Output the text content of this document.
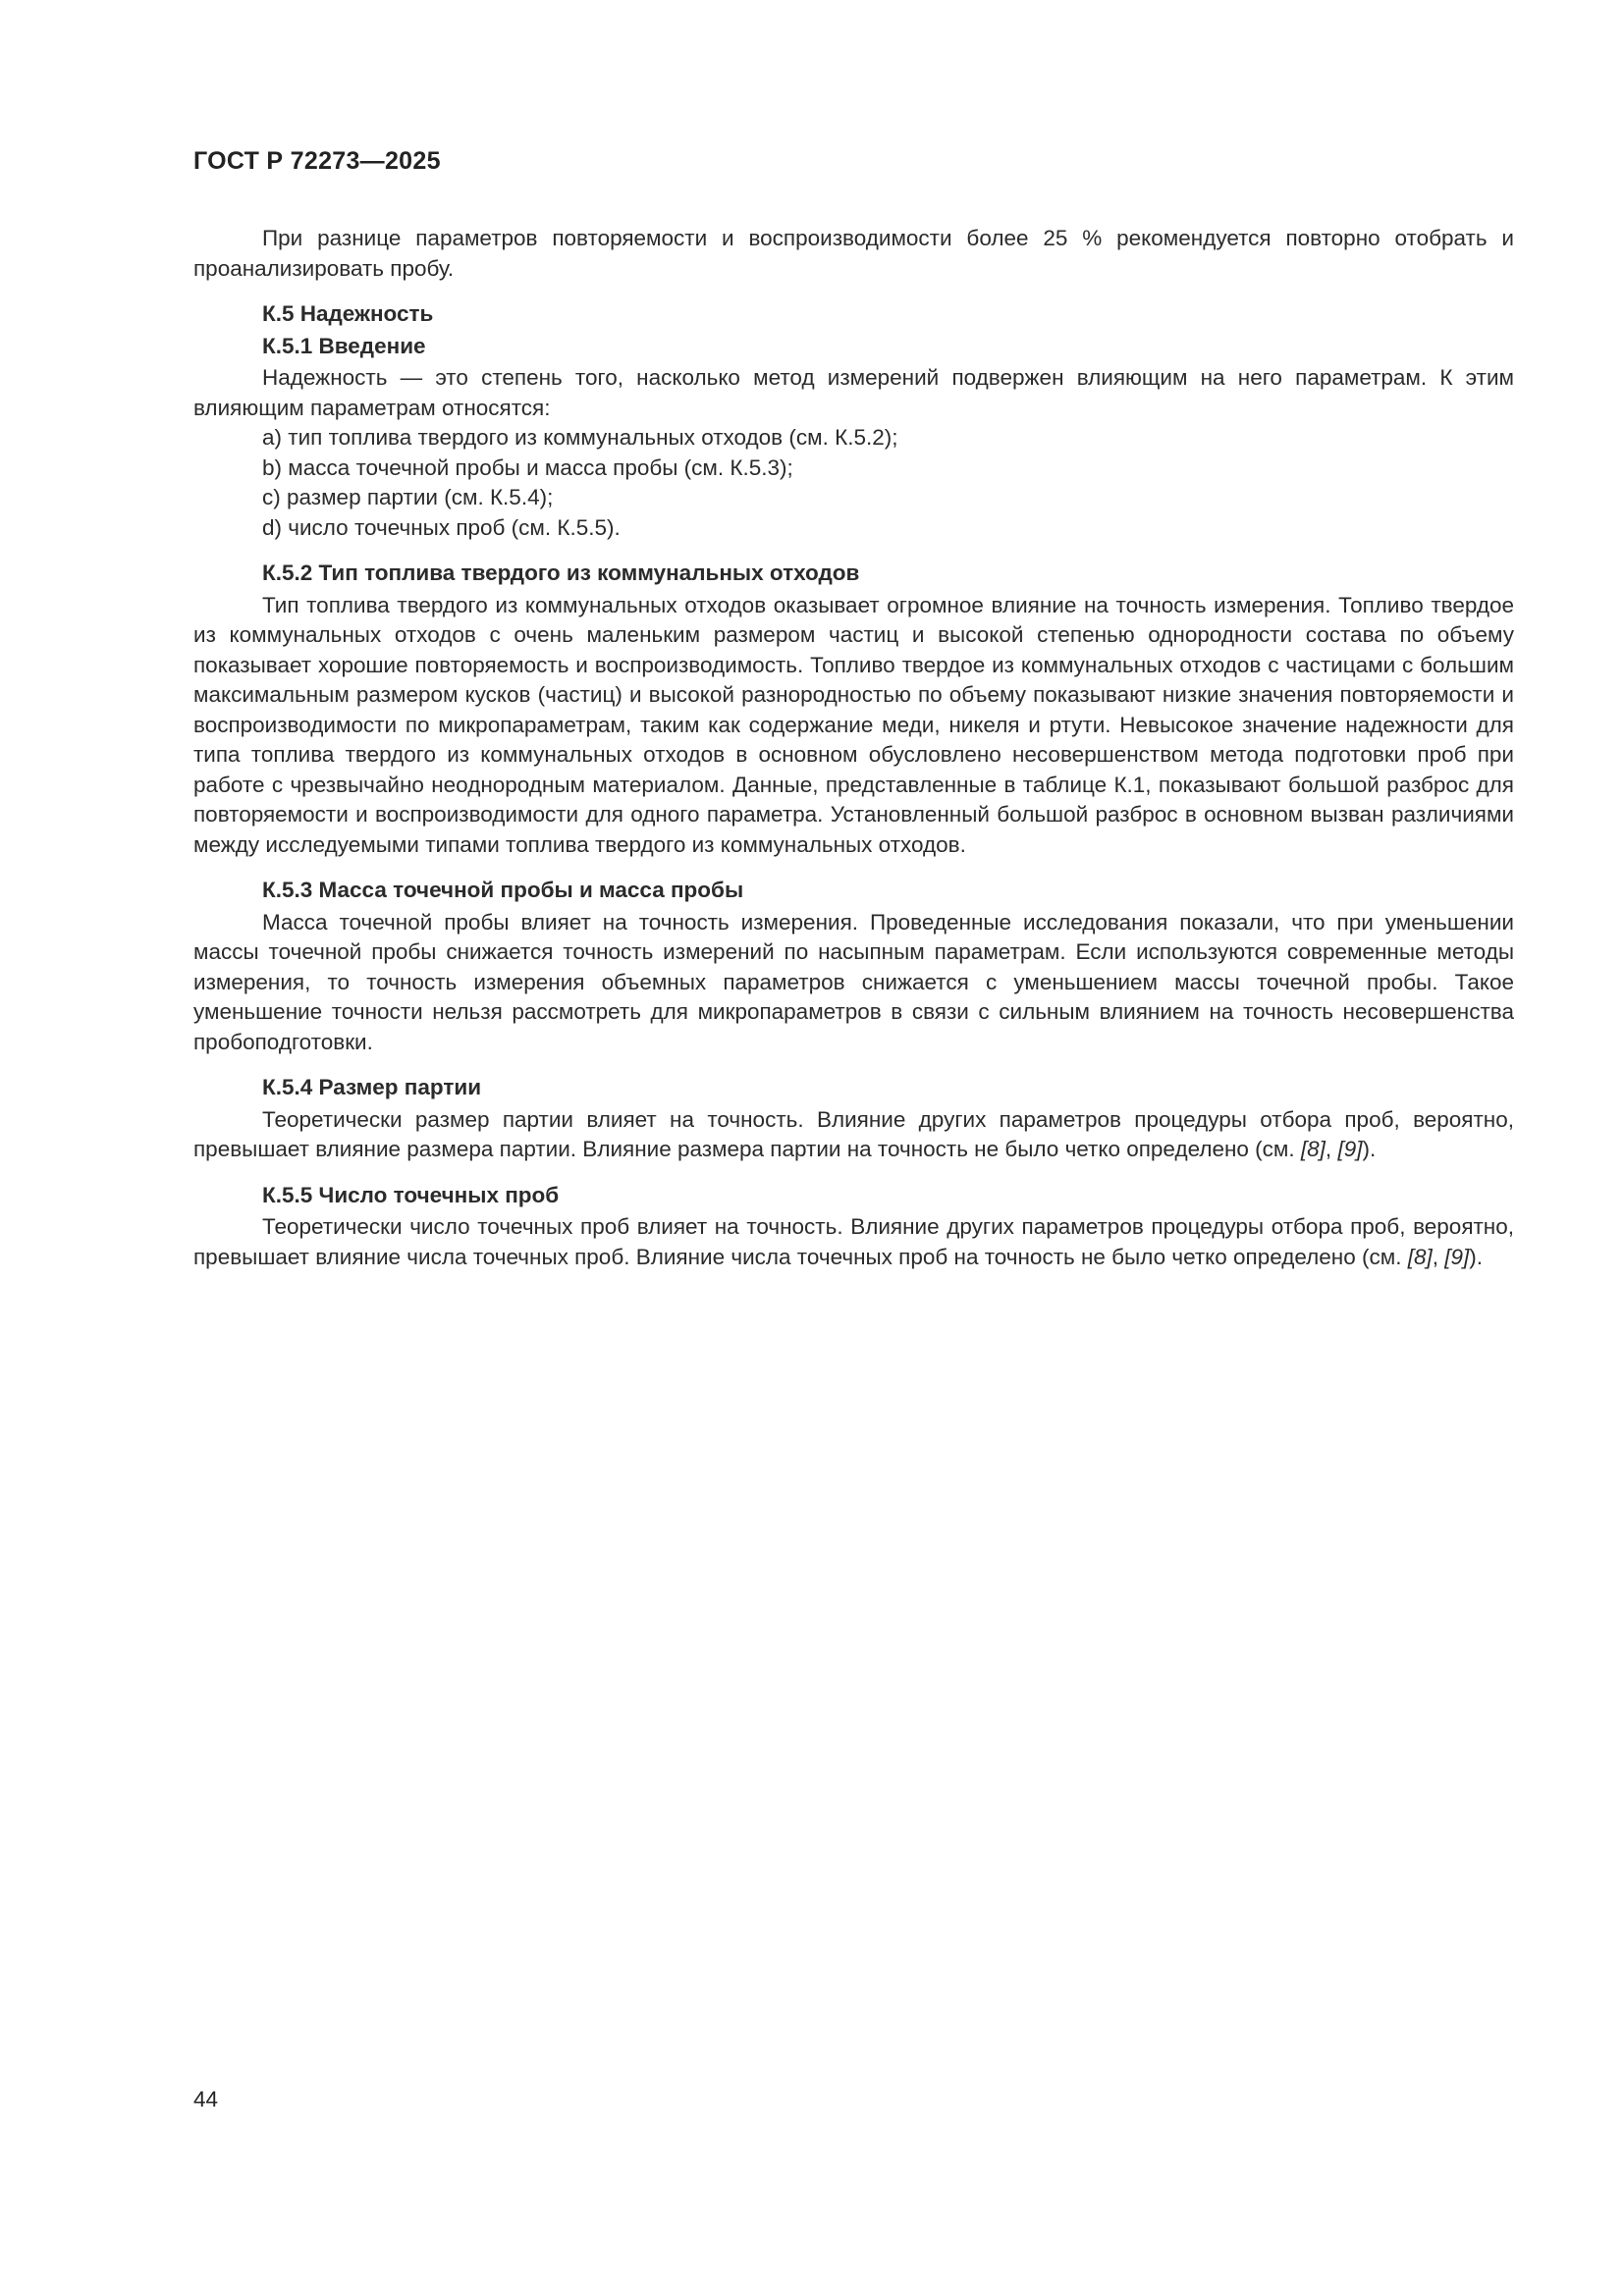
ГОСТ Р 72273—2025

При разнице параметров повторяемости и воспроизводимости более 25 % рекомендуется повторно отобрать и проанализировать пробу.

К.5 Надежность
К.5.1 Введение

Надежность — это степень того, насколько метод измерений подвержен влияющим на него параметрам. К этим влияющим параметрам относятся:

а) тип топлива твердого из коммунальных отходов (см. К.5.2);
b) масса точечной пробы и масса пробы (см. К.5.3);
с) размер партии (см. К.5.4);
d) число точечных проб (см. К.5.5).
К.5.2 Тип топлива твердого из коммунальных отходов

Тип топлива твердого из коммунальных отходов оказывает огромное влияние на точность измерения. Топливо твердое из коммунальных отходов с очень маленьким размером частиц и высокой степенью однородности состава по объему показывает хорошие повторяемость и воспроизводимость. Топливо твердое из коммунальных отходов с частицами с большим максимальным размером кусков (частиц) и высокой разнородностью по объему показывают низкие значения повторяемости и воспроизводимости по микропараметрам, таким как содержание меди, никеля и ртути. Невысокое значение надежности для типа топлива твердого из коммунальных отходов в основном обусловлено несовершенством метода подготовки проб при работе с чрезвычайно неоднородным материалом. Данные, представленные в таблице К.1, показывают большой разброс для повторяемости и воспроизводимости для одного параметра. Установленный большой разброс в основном вызван различиями между исследуемыми типами топлива твердого из коммунальных отходов.

К.5.3 Масса точечной пробы и масса пробы

Масса точечной пробы влияет на точность измерения. Проведенные исследования показали, что при уменьшении массы точечной пробы снижается точность измерений по насыпным параметрам. Если используются современные методы измерения, то точность измерения объемных параметров снижается с уменьшением массы точечной пробы. Такое уменьшение точности нельзя рассмотреть для микропараметров в связи с сильным влиянием на точность несовершенства пробоподготовки.

К.5.4 Размер партии

Теоретически размер партии влияет на точность. Влияние других параметров процедуры отбора проб, вероятно, превышает влияние размера партии. Влияние размера партии на точность не было четко определено (см. [8], [9]).

К.5.5 Число точечных проб

Теоретически число точечных проб влияет на точность. Влияние других параметров процедуры отбора проб, вероятно, превышает влияние числа точечных проб. Влияние числа точечных проб на точность не было четко определено (см. [8], [9]).

44
